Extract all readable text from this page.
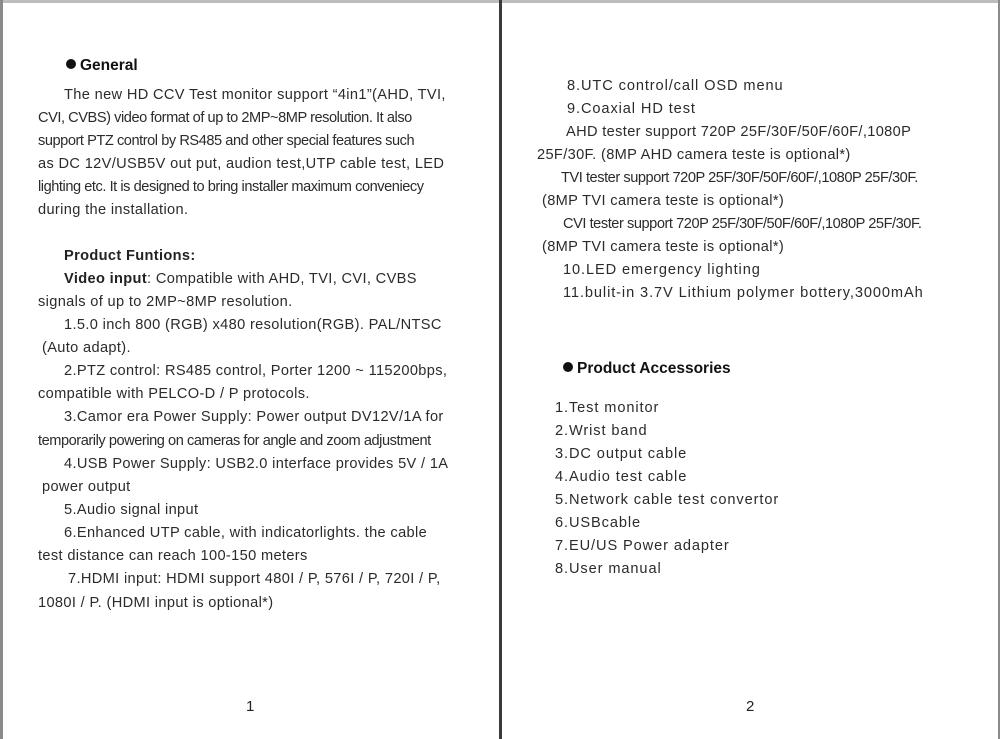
General
The new HD CCV Test monitor support “4in1”(AHD, TVI,
CVI, CVBS) video format of up to 2MP~8MP resolution. It also
support PTZ control by RS485 and other special features such
as DC 12V/USB5V out put, audion test,UTP cable test, LED
lighting etc. It is designed to bring installer maximum conveniecy
during the installation.
Product Funtions:
Video input: Compatible with AHD, TVI, CVI, CVBS
signals of up to 2MP~8MP resolution.
1.5.0 inch 800 (RGB) x480 resolution(RGB). PAL/NTSC
(Auto adapt).
2.PTZ control: RS485 control, Porter 1200 ~ 115200bps,
compatible with PELCO-D / P protocols.
3.Camor era Power Supply: Power output DV12V/1A for
temporarily powering on cameras for angle and zoom adjustment
4.USB Power Supply: USB2.0 interface provides 5V / 1A
power output
5.Audio signal input
6.Enhanced UTP cable, with indicatorlights. the cable
test distance can reach 100-150 meters
7.HDMI input: HDMI support 480I / P, 576I / P, 720I / P,
1080I / P. (HDMI input is optional*)
1
8.UTC control/call OSD menu
9.Coaxial HD test
AHD tester support 720P 25F/30F/50F/60F/,1080P
25F/30F. (8MP AHD camera teste is optional*)
TVI tester support 720P 25F/30F/50F/60F/,1080P 25F/30F.
(8MP TVI camera teste is optional*)
CVI tester support 720P 25F/30F/50F/60F/,1080P 25F/30F.
(8MP TVI camera teste is optional*)
10.LED emergency lighting
11.bulit-in 3.7V Lithium polymer bottery,3000mAh
Product Accessories
1.Test monitor
2.Wrist band
3.DC output cable
4.Audio test cable
5.Network cable test convertor
6.USBcable
7.EU/US Power adapter
8.User manual
2
